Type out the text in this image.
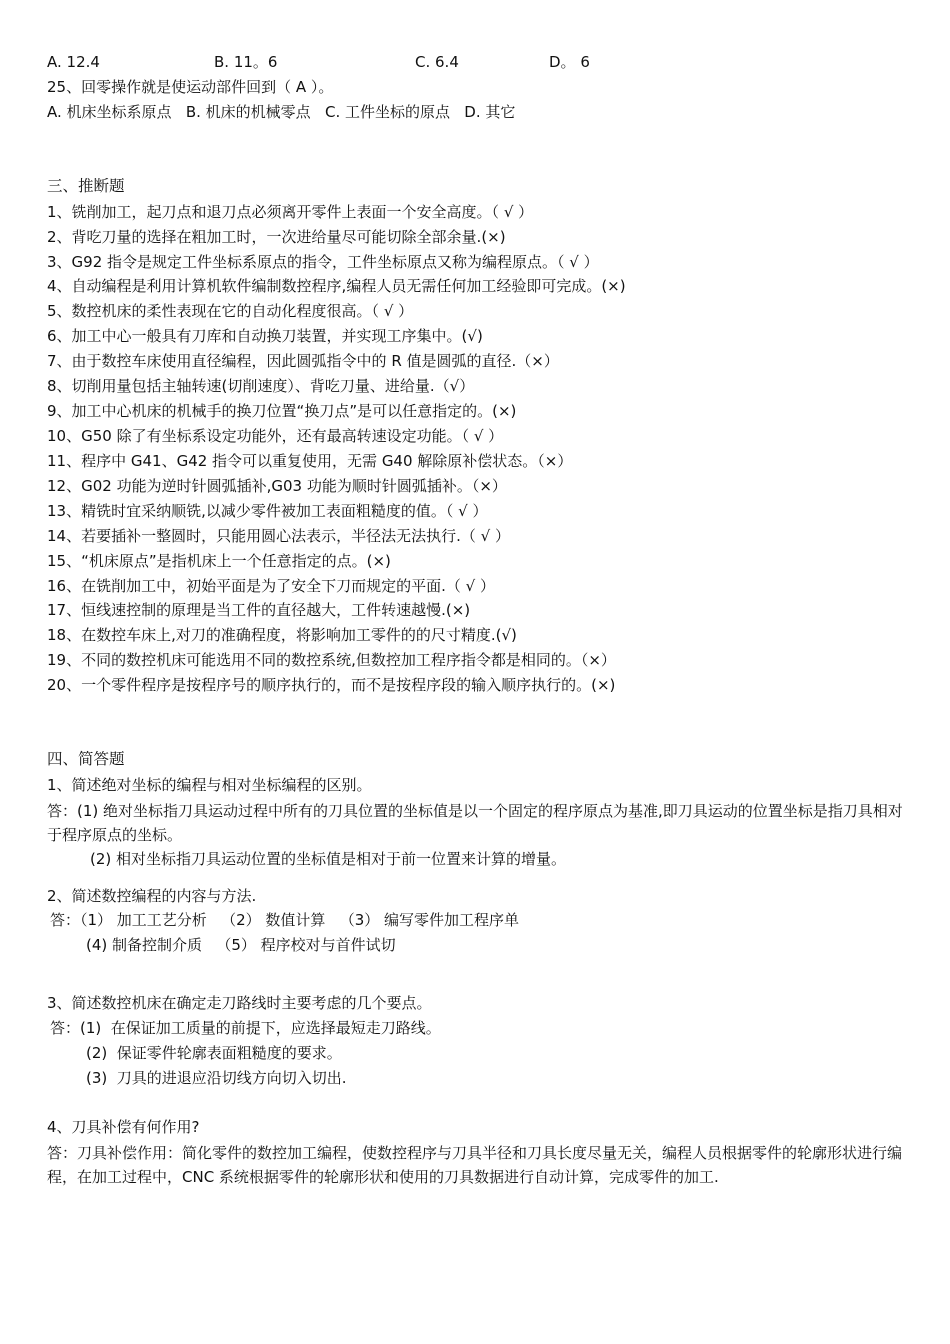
A. 12.4	B. 11。6	C. 6.4	D。 6
25、回零操作就是使运动部件回到（ A ）。
A. 机床坐标系原点   B. 机床的机械零点   C. 工件坐标的原点   D. 其它
三、推断题
1、铣削加工，起刀点和退刀点必须离开零件上表面一个安全高度。（ √ ）
2、背吃刀量的选择在粗加工时，一次进给量尽可能切除全部余量.(×)
3、G92 指令是规定工件坐标系原点的指令，工件坐标原点又称为编程原点。（ √ ）
4、自动编程是利用计算机软件编制数控程序,编程人员无需任何加工经验即可完成。(×)
5、数控机床的柔性表现在它的自动化程度很高。（ √ ）
6、加工中心一般具有刀库和自动换刀装置，并实现工序集中。(√)
7、由于数控车床使用直径编程，因此圆弧指令中的 R 值是圆弧的直径.（×）
8、切削用量包括主轴转速(切削速度）、背吃刀量、进给量.（√）
9、加工中心机床的机械手的换刀位置“换刀点”是可以任意指定的。(×)
10、G50 除了有坐标系设定功能外，还有最高转速设定功能。（ √ ）
11、程序中 G41、G42 指令可以重复使用，无需 G40 解除原补偿状态。（×）
12、G02 功能为逆时针圆弧插补,G03 功能为顺时针圆弧插补。（×）
13、精铣时宜采纳顺铣,以减少零件被加工表面粗糙度的值。（ √ ）
14、若要插补一整圆时，只能用圆心法表示，半径法无法执行.（ √ ）
15、“机床原点”是指机床上一个任意指定的点。(×)
16、在铣削加工中，初始平面是为了安全下刀而规定的平面.（ √ ）
17、恒线速控制的原理是当工件的直径越大，工件转速越慢.(×)
18、在数控车床上,对刀的准确程度，将影响加工零件的的尺寸精度.(√)
19、不同的数控机床可能选用不同的数控系统,但数控加工程序指令都是相同的。（×）
20、一个零件程序是按程序号的顺序执行的，而不是按程序段的输入顺序执行的。(×)
四、简答题
1、简述绝对坐标的编程与相对坐标编程的区别。
答：(1) 绝对坐标指刀具运动过程中所有的刀具位置的坐标值是以一个固定的程序原点为基准,即刀具运动的位置坐标是指刀具相对于程序原点的坐标。
(2) 相对坐标指刀具运动位置的坐标值是相对于前一位置来计算的增量。
2、简述数控编程的内容与方法.
答：（1） 加工工艺分析   （2） 数值计算   （3） 编写零件加工程序单
(4) 制备控制介质   （5） 程序校对与首件试切
3、简述数控机床在确定走刀路线时主要考虑的几个要点。
答：(1)  在保证加工质量的前提下，应选择最短走刀路线。
(2)  保证零件轮廓表面粗糙度的要求。
(3)  刀具的进退应沿切线方向切入切出.
4、刀具补偿有何作用?
答：刀具补偿作用：简化零件的数控加工编程，使数控程序与刀具半径和刀具长度尽量无关，编程人员根据零件的轮廓形状进行编程，在加工过程中，CNC 系统根据零件的轮廓形状和使用的刀具数据进行自动计算，完成零件的加工.
